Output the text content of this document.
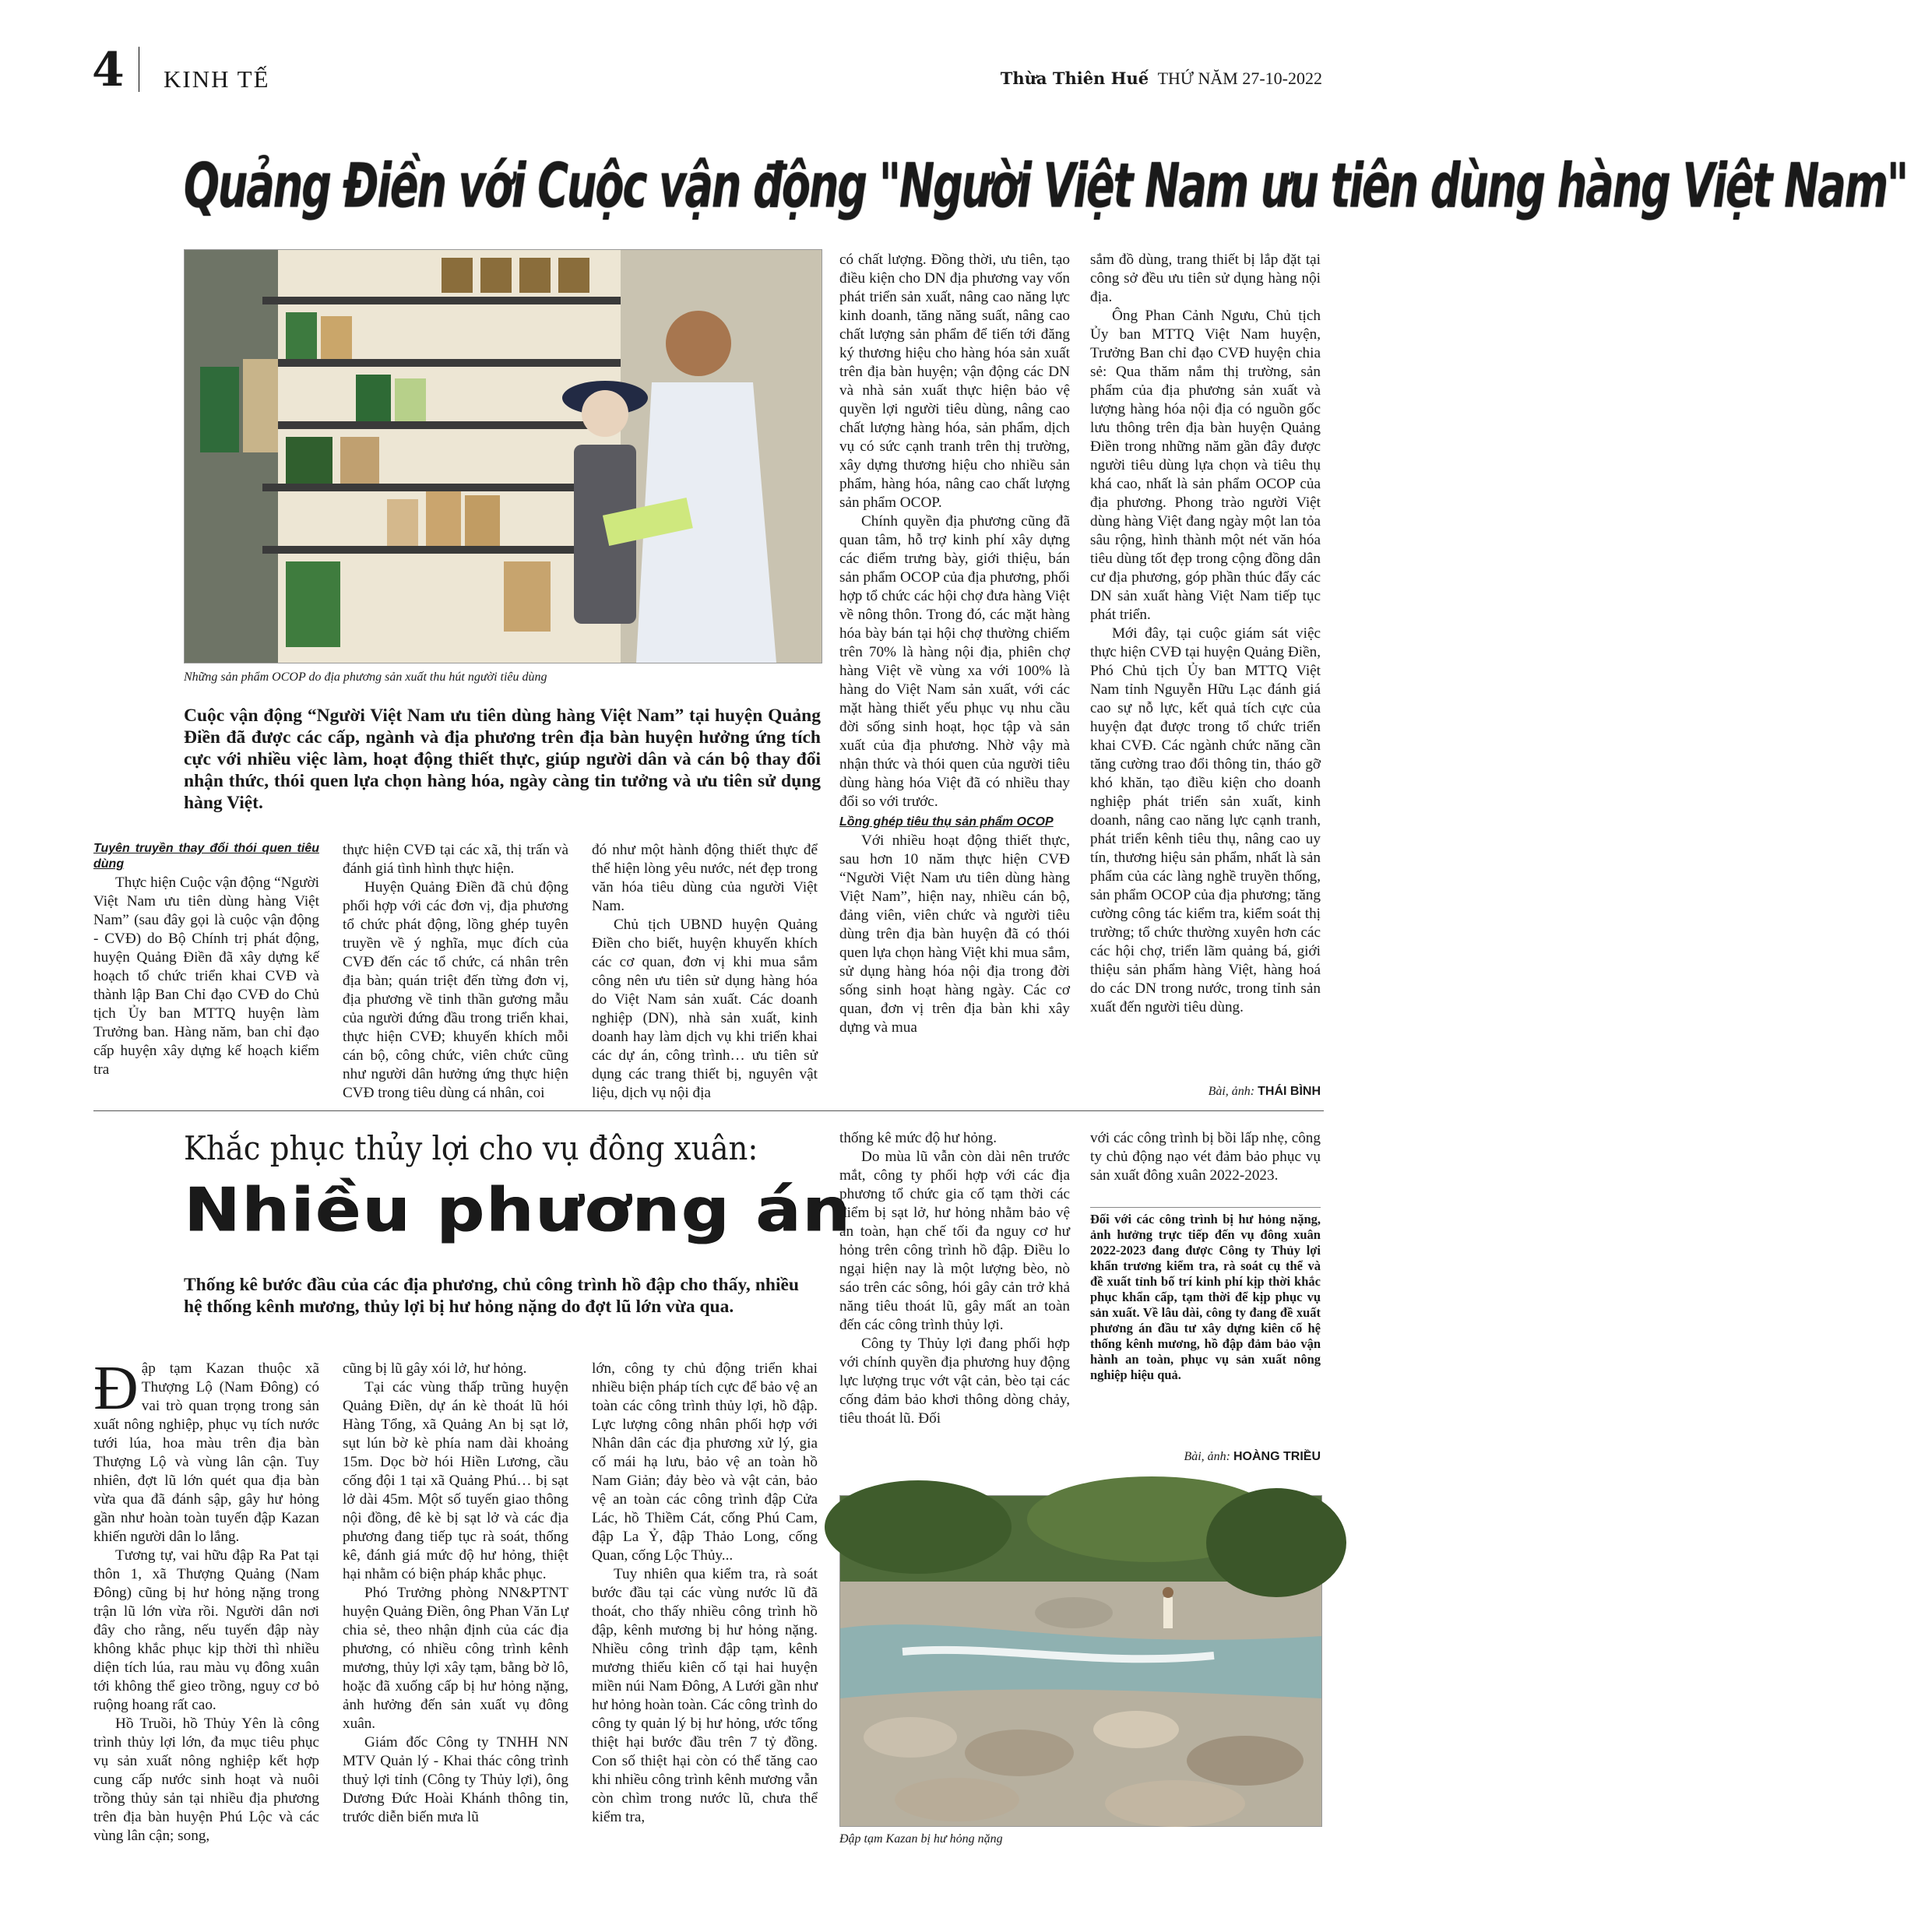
4 KINH TẾ	Thừa Thiên Huế THỨ NĂM 27-10-2022
Quảng Điền với Cuộc vận động "Người Việt Nam ưu tiên dùng hàng Việt Nam"
Những sản phẩm OCOP do địa phương sản xuất thu hút người tiêu dùng
Cuộc vận động “Người Việt Nam ưu tiên dùng hàng Việt Nam” tại huyện Quảng Điền đã được các cấp, ngành và địa phương trên địa bàn huyện hưởng ứng tích cực với nhiều việc làm, hoạt động thiết thực, giúp người dân và cán bộ thay đổi nhận thức, thói quen lựa chọn hàng hóa, ngày càng tin tưởng và ưu tiên sử dụng hàng Việt.
Tuyên truyền thay đổi thói quen tiêu dùng

Thực hiện Cuộc vận động “Người Việt Nam ưu tiên dùng hàng Việt Nam” (sau đây gọi là cuộc vận động - CVĐ) do Bộ Chính trị phát động, huyện Quảng Điền đã xây dựng kế hoạch tổ chức triển khai CVĐ và thành lập Ban Chỉ đạo CVĐ do Chủ tịch Ủy ban MTTQ huyện làm Trưởng ban. Hàng năm, ban chỉ đạo cấp huyện xây dựng kế hoạch kiểm tra

thực hiện CVĐ tại các xã, thị trấn và đánh giá tình hình thực hiện.

Huyện Quảng Điền đã chủ động phối hợp với các đơn vị, địa phương tổ chức phát động, lồng ghép tuyên truyền về ý nghĩa, mục đích của CVĐ đến các tổ chức, cá nhân trên địa bàn; quán triệt đến từng đơn vị, địa phương về tinh thần gương mẫu của người đứng đầu trong triển khai, thực hiện CVĐ; khuyến khích mỗi cán bộ, công chức, viên chức cũng như người dân hưởng ứng thực hiện CVĐ trong tiêu dùng cá nhân, coi

đó như một hành động thiết thực để thể hiện lòng yêu nước, nét đẹp trong văn hóa tiêu dùng của người Việt Nam.

Chủ tịch UBND huyện Quảng Điền cho biết, huyện khuyến khích các cơ quan, đơn vị khi mua sắm công nên ưu tiên sử dụng hàng hóa do Việt Nam sản xuất. Các doanh nghiệp (DN), nhà sản xuất, kinh doanh hay làm dịch vụ khi triển khai các dự án, công trình… ưu tiên sử dụng các trang thiết bị, nguyên vật liệu, dịch vụ nội địa

có chất lượng. Đồng thời, ưu tiên, tạo điều kiện cho DN địa phương vay vốn phát triển sản xuất, nâng cao năng lực kinh doanh, tăng năng suất, nâng cao chất lượng sản phẩm để tiến tới đăng ký thương hiệu cho hàng hóa sản xuất trên địa bàn huyện; vận động các DN và nhà sản xuất thực hiện bảo vệ quyền lợi người tiêu dùng, nâng cao chất lượng hàng hóa, sản phẩm, dịch vụ có sức cạnh tranh trên thị trường, xây dựng thương hiệu cho nhiều sản phẩm, hàng hóa, nâng cao chất lượng sản phẩm OCOP.

Chính quyền địa phương cũng đã quan tâm, hỗ trợ kinh phí xây dựng các điểm trưng bày, giới thiệu, bán sản phẩm OCOP của địa phương, phối hợp tổ chức các hội chợ đưa hàng Việt về nông thôn. Trong đó, các mặt hàng hóa bày bán tại hội chợ thường chiếm trên 70% là hàng nội địa, phiên chợ hàng Việt về vùng xa với 100% là hàng do Việt Nam sản xuất, với các mặt hàng thiết yếu phục vụ nhu cầu đời sống sinh hoạt, học tập và sản xuất của địa phương. Nhờ vậy mà nhận thức và thói quen của người tiêu dùng hàng hóa Việt đã có nhiều thay đổi so với trước.

Lồng ghép tiêu thụ sản phẩm OCOP

Với nhiều hoạt động thiết thực, sau hơn 10 năm thực hiện CVĐ “Người Việt Nam ưu tiên dùng hàng Việt Nam”, hiện nay, nhiều cán bộ, đảng viên, viên chức và người tiêu dùng trên địa bàn huyện đã có thói quen lựa chọn hàng Việt khi mua sắm, sử dụng hàng hóa nội địa trong đời sống sinh hoạt hàng ngày. Các cơ quan, đơn vị trên địa bàn khi xây dựng và mua

sắm đồ dùng, trang thiết bị lắp đặt tại công sở đều ưu tiên sử dụng hàng nội địa.

Ông Phan Cảnh Ngưu, Chủ tịch Ủy ban MTTQ Việt Nam huyện, Trưởng Ban chỉ đạo CVĐ huyện chia sẻ: Qua thăm nắm thị trường, sản phẩm của địa phương sản xuất và lượng hàng hóa nội địa có nguồn gốc lưu thông trên địa bàn huyện Quảng Điền trong những năm gần đây được người tiêu dùng lựa chọn và tiêu thụ khá cao, nhất là sản phẩm OCOP của địa phương. Phong trào người Việt dùng hàng Việt đang ngày một lan tỏa sâu rộng, hình thành một nét văn hóa tiêu dùng tốt đẹp trong cộng đồng dân cư địa phương, góp phần thúc đẩy các DN sản xuất hàng Việt Nam tiếp tục phát triển.

Mới đây, tại cuộc giám sát việc thực hiện CVĐ tại huyện Quảng Điền, Phó Chủ tịch Ủy ban MTTQ Việt Nam tỉnh Nguyễn Hữu Lạc đánh giá cao sự nỗ lực, kết quả tích cực của huyện đạt được trong tổ chức triển khai CVĐ. Các ngành chức năng cần tăng cường trao đổi thông tin, tháo gỡ khó khăn, tạo điều kiện cho doanh nghiệp phát triển sản xuất, kinh doanh, nâng cao năng lực cạnh tranh, phát triển kênh tiêu thụ, nâng cao uy tín, thương hiệu sản phẩm, nhất là sản phẩm của các làng nghề truyền thống, sản phẩm OCOP của địa phương; tăng cường công tác kiểm tra, kiểm soát thị trường; tổ chức thường xuyên hơn các các hội chợ, triển lãm quảng bá, giới thiệu sản phẩm hàng Việt, hàng hoá do các DN trong nước, trong tỉnh sản xuất đến người tiêu dùng.

Bài, ảnh: THÁI BÌNH
Khắc phục thủy lợi cho vụ đông xuân:
Nhiều phương án
Thống kê bước đầu của các địa phương, chủ công trình hồ đập cho thấy, nhiều hệ thống kênh mương, thủy lợi bị hư hỏng nặng do đợt lũ lớn vừa qua.

Đập tạm Kazan thuộc xã Thượng Lộ (Nam Đông) có vai trò quan trọng trong sản xuất nông nghiệp, phục vụ tích nước tưới lúa, hoa màu trên địa bàn Thượng Lộ và vùng lân cận. Tuy nhiên, đợt lũ lớn quét qua địa bàn vừa qua đã đánh sập, gây hư hỏng gần như hoàn toàn tuyến đập Kazan khiến người dân lo lắng.

Tương tự, vai hữu đập Ra Pat tại thôn 1, xã Thượng Quảng (Nam Đông) cũng bị hư hỏng nặng trong trận lũ lớn vừa rồi. Người dân nơi đây cho rằng, nếu tuyến đập này không khắc phục kịp thời thì nhiều diện tích lúa, rau màu vụ đông xuân tới không thể gieo trồng, nguy cơ bỏ ruộng hoang rất cao.

Hồ Truồi, hồ Thủy Yên là công trình thủy lợi lớn, đa mục tiêu phục vụ sản xuất nông nghiệp kết hợp cung cấp nước sinh hoạt và nuôi trồng thủy sản tại nhiều địa phương trên địa bàn huyện Phú Lộc và các vùng lân cận; song,

cũng bị lũ gây xói lở, hư hỏng.

Tại các vùng thấp trũng huyện Quảng Điền, dự án kè thoát lũ hói Hàng Tổng, xã Quảng An bị sạt lở, sụt lún bờ kè phía nam dài khoảng 15m. Dọc bờ hói Hiền Lương, cầu cống đội 1 tại xã Quảng Phú… bị sạt lở dài 45m. Một số tuyến giao thông nội đồng, đê kè bị sạt lở và các địa phương đang tiếp tục rà soát, thống kê, đánh giá mức độ hư hỏng, thiệt hại nhằm có biện pháp khắc phục.

Phó Trưởng phòng NN&PTNT huyện Quảng Điền, ông Phan Văn Lự chia sẻ, theo nhận định của các địa phương, có nhiều công trình kênh mương, thủy lợi xây tạm, bằng bờ lô, hoặc đã xuống cấp bị hư hỏng nặng, ảnh hưởng đến sản xuất vụ đông xuân.

Giám đốc Công ty TNHH NN MTV Quản lý - Khai thác công trình thuỷ lợi tỉnh (Công ty Thủy lợi), ông Dương Đức Hoài Khánh thông tin, trước diễn biến mưa lũ

lớn, công ty chủ động triển khai nhiều biện pháp tích cực để bảo vệ an toàn các công trình thủy lợi, hồ đập. Lực lượng công nhân phối hợp với Nhân dân các địa phương xử lý, gia cố mái hạ lưu, bảo vệ an toàn hồ Nam Giản; đảy bèo và vật cản, bảo vệ an toàn các công trình đập Cửa Lác, hồ Thiềm Cát, cống Phú Cam, đập La Ỷ, đập Thảo Long, cống Quan, cống Lộc Thủy...

Tuy nhiên qua kiểm tra, rà soát bước đầu tại các vùng nước lũ đã thoát, cho thấy nhiều công trình hồ đập, kênh mương bị hư hỏng nặng. Nhiều công trình đập tạm, kênh mương thiếu kiên cố tại hai huyện miền núi Nam Đông, A Lưới gần như hư hỏng hoàn toàn. Các công trình do công ty quản lý bị hư hỏng, ước tổng thiệt hại bước đầu trên 7 tỷ đồng. Con số thiệt hại còn có thể tăng cao khi nhiều công trình kênh mương vẫn còn chìm trong nước lũ, chưa thể kiểm tra,

thống kê mức độ hư hỏng.

Do mùa lũ vẫn còn dài nên trước mắt, công ty phối hợp với các địa phương tổ chức gia cố tạm thời các điểm bị sạt lở, hư hỏng nhằm bảo vệ an toàn, hạn chế tối đa nguy cơ hư hỏng trên công trình hồ đập. Điều lo ngại hiện nay là một lượng bèo, nò sáo trên các sông, hói gây cản trở khả năng tiêu thoát lũ, gây mất an toàn đến các công trình thủy lợi.

Công ty Thủy lợi đang phối hợp với chính quyền địa phương huy động lực lượng trục vớt vật cản, bèo tại các cống đảm bảo khơi thông dòng chảy, tiêu thoát lũ. Đối

với các công trình bị bồi lấp nhẹ, công ty chủ động nạo vét đảm bảo phục vụ sản xuất đông xuân 2022-2023.

Đối với các công trình bị hư hỏng nặng, ảnh hưởng trực tiếp đến vụ đông xuân 2022-2023 đang được Công ty Thủy lợi khẩn trương kiểm tra, rà soát cụ thể và đề xuất tỉnh bố trí kinh phí kịp thời khắc phục khẩn cấp, tạm thời để kịp phục vụ sản xuất. Về lâu dài, công ty đang đề xuất phương án đầu tư xây dựng kiên cố hệ thống kênh mương, hồ đập đảm bảo vận hành an toàn, phục vụ sản xuất nông nghiệp hiệu quả.

Bài, ảnh: HOÀNG TRIỀU
Đập tạm Kazan bị hư hỏng nặng
